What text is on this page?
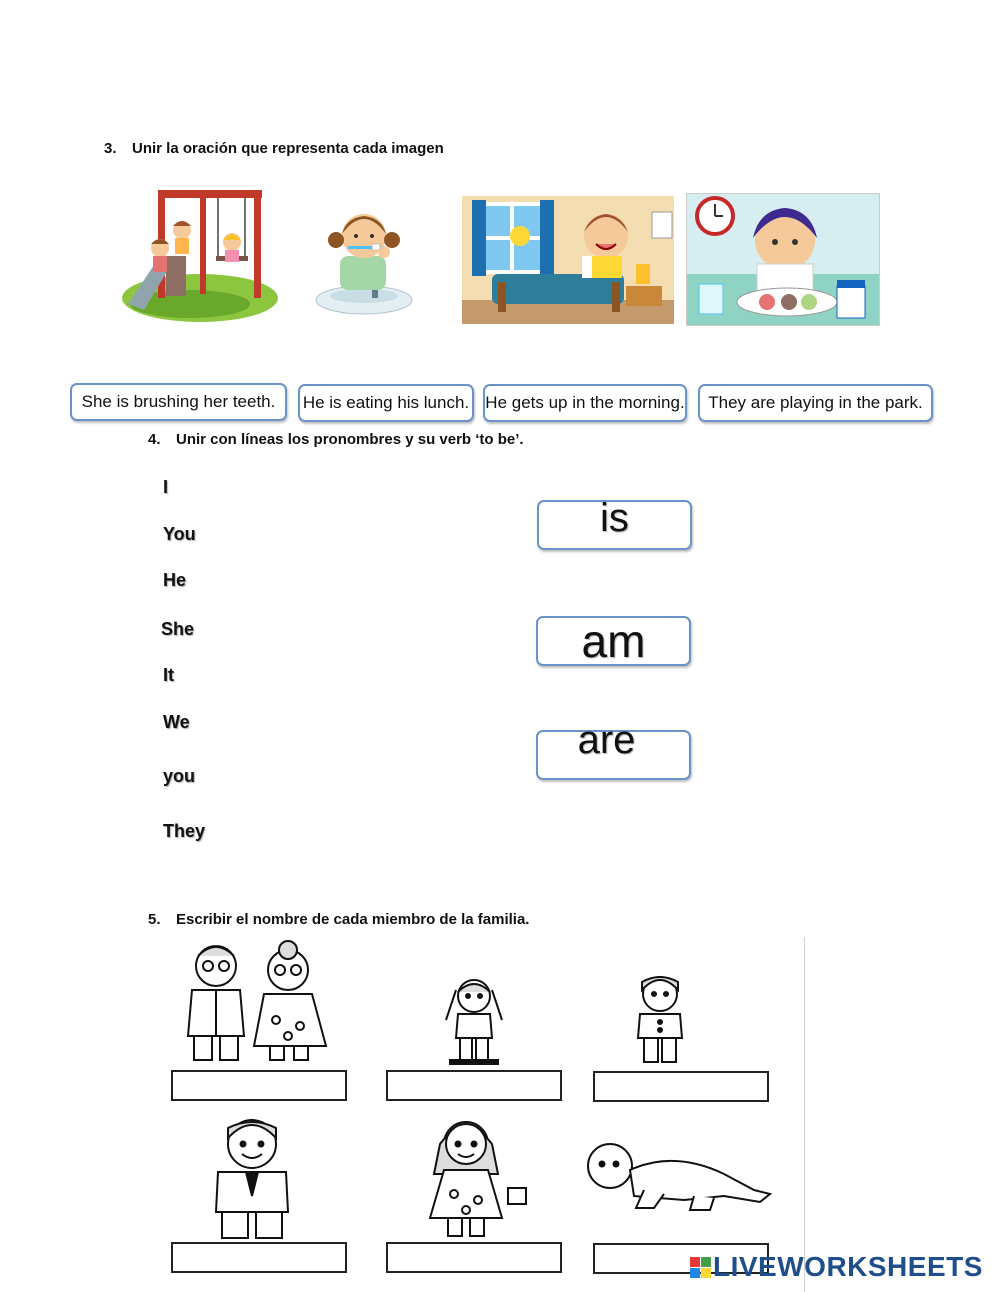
3. Unir la oración que representa cada imagen
She is brushing her teeth.	He is eating his lunch. He gets up in the morning.	They are playing in the park.
4. Unir con líneas los pronombres y su verb ‘to be’.
I
You
He
She
It
We
you
They
is
am
are
5. Escribir el nombre de cada miembro de la familia.
LIVEWORKSHEETS
